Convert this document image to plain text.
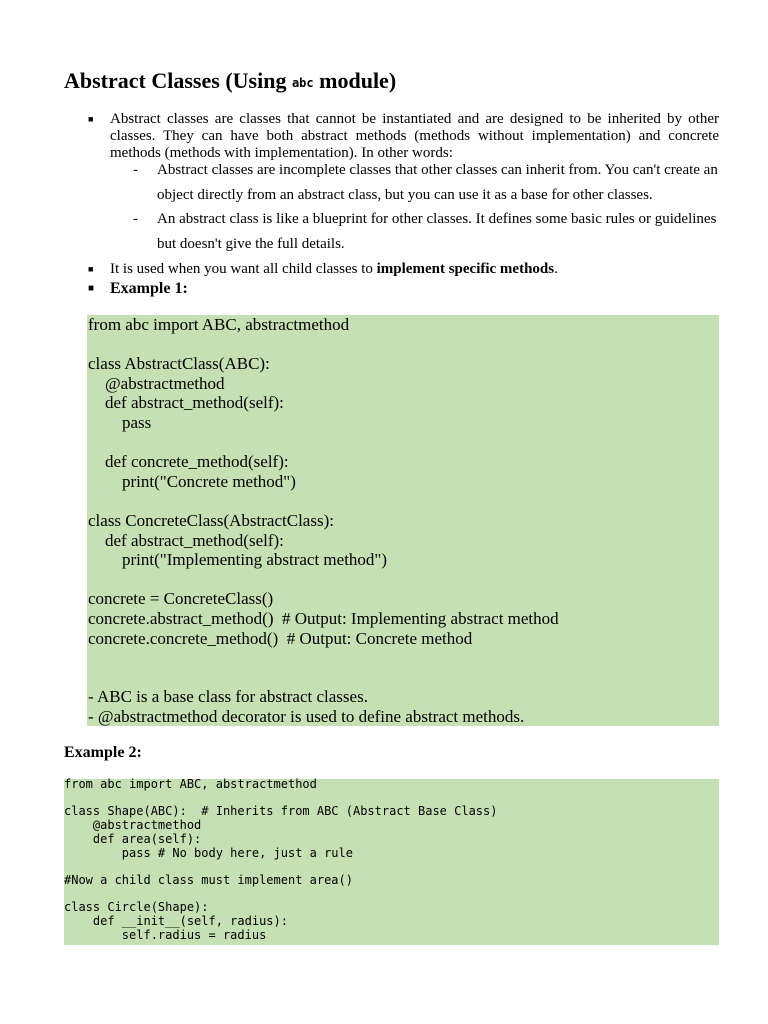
Abstract Classes (Using abc module)
■ Abstract classes are classes that cannot be instantiated and are designed to be inherited by other classes. They can have both abstract methods (methods without implementation) and concrete methods (methods with implementation). In other words:
- Abstract classes are incomplete classes that other classes can inherit from. You can't create an object directly from an abstract class, but you can use it as a base for other classes.
- An abstract class is like a blueprint for other classes. It defines some basic rules or guidelines but doesn't give the full details.
■ It is used when you want all child classes to implement specific methods.
■ Example 1:
from abc import ABC, abstractmethod
class AbstractClass(ABC):
@abstractmethod
def abstract_method(self):
pass
def concrete_method(self):
print("Concrete method")
class ConcreteClass(AbstractClass):
def abstract_method(self):
print("Implementing abstract method")
concrete = ConcreteClass()
concrete.abstract_method()  # Output: Implementing abstract method
concrete.concrete_method()  # Output: Concrete method
- ABC is a base class for abstract classes.
- @abstractmethod decorator is used to define abstract methods.
Example 2:
from abc import ABC, abstractmethod
class Shape(ABC):  # Inherits from ABC (Abstract Base Class)
@abstractmethod
def area(self):
pass # No body here, just a rule
#Now a child class must implement area()
class Circle(Shape):
def __init__(self, radius):
self.radius = radius
